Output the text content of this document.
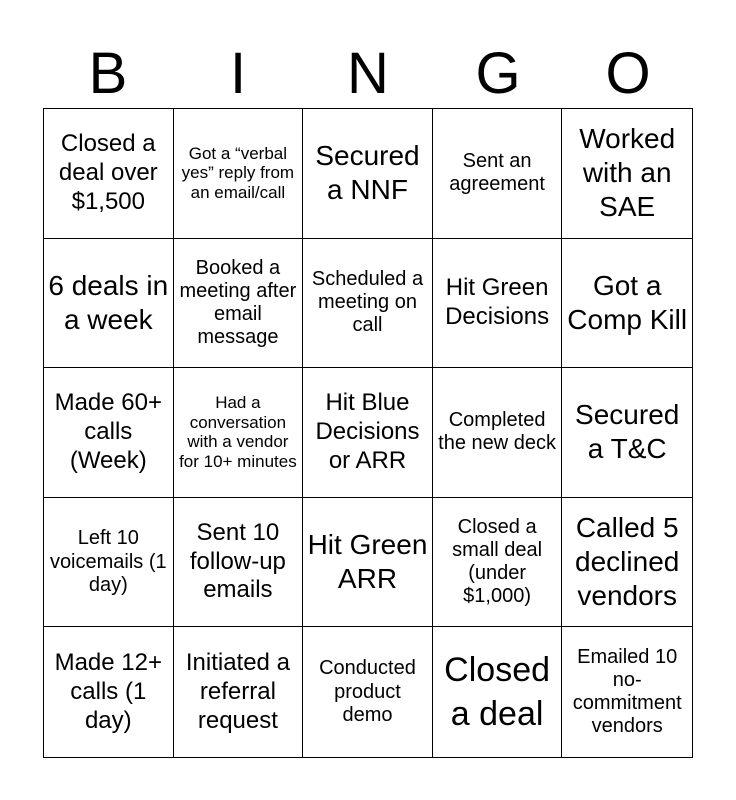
B	I	N	G	O
Closed a deal over $1,500
Got a “verbal yes” reply from an email/call
Secured a NNF
Sent an agreement
Worked with an SAE
6 deals in a week
Booked a meeting after email message
Scheduled a meeting on call
Hit Green Decisions
Got a Comp Kill
Made 60+ calls (Week)
Had a conversation with a vendor for 10+ minutes
Hit Blue Decisions or ARR
Completed the new deck
Secured a T&C
Left 10 voicemails (1 day)
Sent 10 follow-up emails
Hit Green ARR
Closed a small deal (under $1,000)
Called 5 declined vendors
Made 12+ calls (1 day)
Initiated a referral request
Conducted product demo
Closed a deal
Emailed 10 no-commitment vendors
